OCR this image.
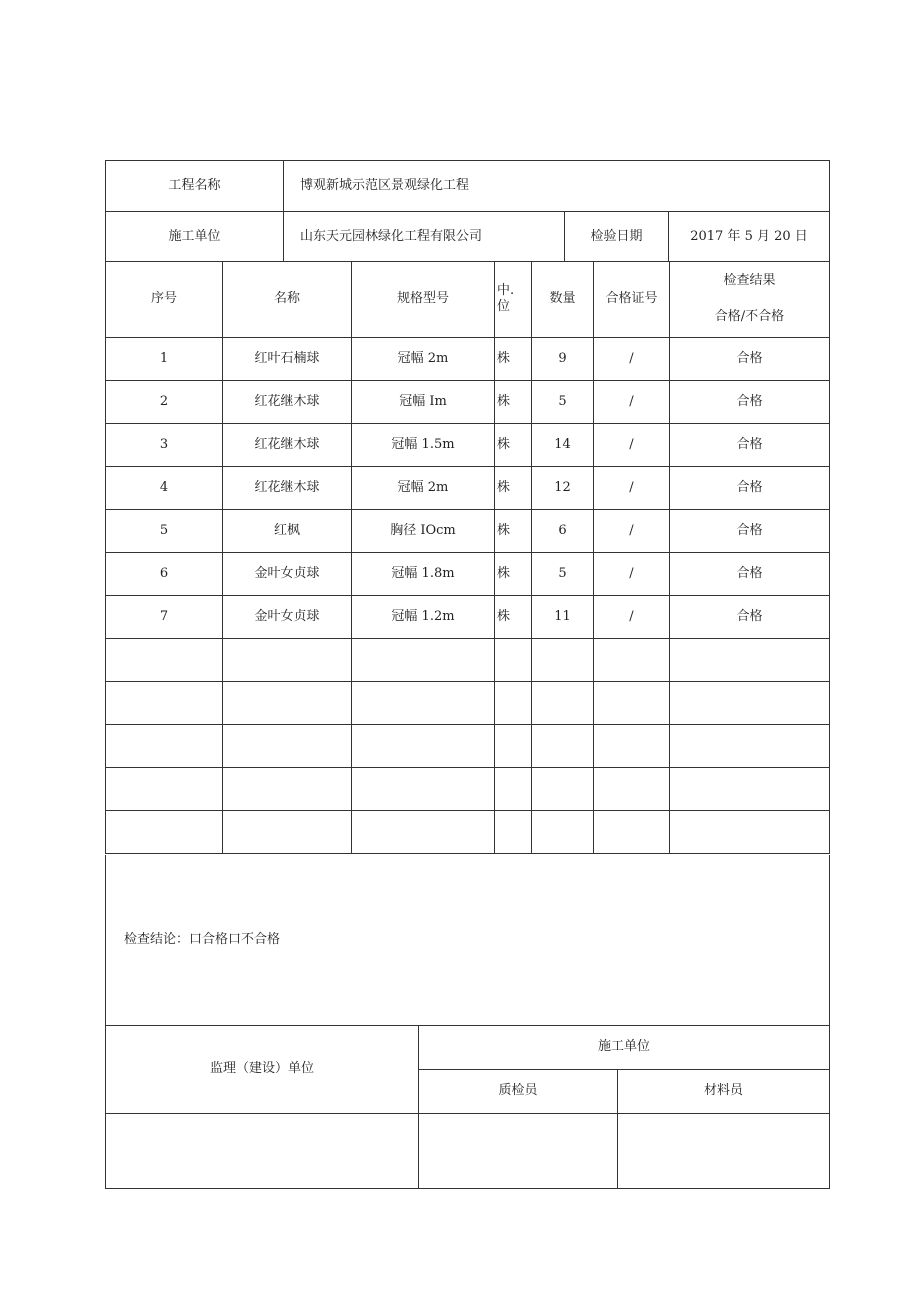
工程名称	博观新城示范区景观绿化工程		
施工单位	山东天元园林绿化工程有限公司	检验日期	2017 年 5 月 20 日
序号	名称	规格型号	中. 位	数量	合格证号	检查结果
合格/不合格

1	红叶石楠球	冠幅 2m	株	9	/	合格
2	红花继木球	冠幅 Im	株	5	/	合格
3	红花继木球	冠幅 1.5m	株	14	/	合格
4	红花继木球	冠幅 2m	株	12	/	合格
5	红枫	胸径 IOcm	株	6	/	合格
6	金叶女贞球	冠幅 1.8m	株	5	/	合格
7	金叶女贞球	冠幅 1.2m	株	11	/	合格

检查结论：口合格口不合格		
监理（建设）单位	施工单位	
	质检员	材料员
